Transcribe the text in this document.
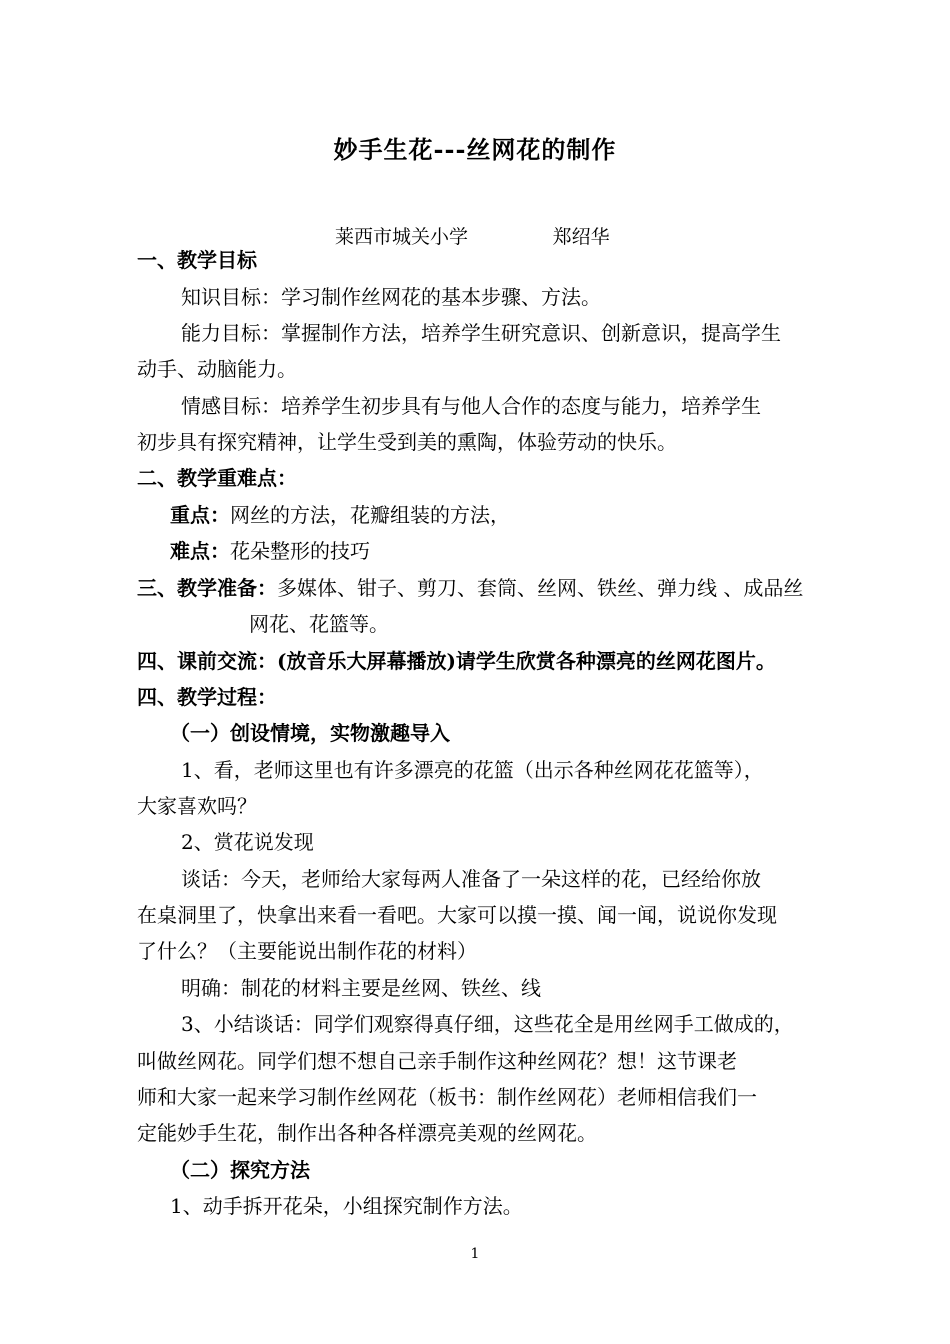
妙手生花---丝网花的制作
莱西市城关小学	郑绍华
一、教学目标
知识目标：学习制作丝网花的基本步骤、方法。
能力目标：掌握制作方法，培养学生研究意识、创新意识，提高学生
动手、动脑能力。
情感目标：培养学生初步具有与他人合作的态度与能力，培养学生
初步具有探究精神，让学生受到美的熏陶，体验劳动的快乐。
二、教学重难点：
重点：网丝的方法，花瓣组装的方法，
难点：花朵整形的技巧
三、教学准备：多媒体、钳子、剪刀、套筒、丝网、铁丝、弹力线 、成品丝
网花、花篮等。
四、课前交流：(放音乐大屏幕播放)请学生欣赏各种漂亮的丝网花图片。
四、教学过程：
（一）创设情境，实物激趣导入
1、看，老师这里也有许多漂亮的花篮（出示各种丝网花花篮等），
大家喜欢吗？
2、赏花说发现
谈话：今天，老师给大家每两人准备了一朵这样的花，已经给你放
在桌洞里了，快拿出来看一看吧。大家可以摸一摸、闻一闻，说说你发现
了什么？（主要能说出制作花的材料）
明确：制花的材料主要是丝网、铁丝、线
3、小结谈话：同学们观察得真仔细，这些花全是用丝网手工做成的，
叫做丝网花。同学们想不想自己亲手制作这种丝网花？想！这节课老
师和大家一起来学习制作丝网花（板书：制作丝网花）老师相信我们一
定能妙手生花，制作出各种各样漂亮美观的丝网花。
（二）探究方法
1、动手拆开花朵，小组探究制作方法。
1
